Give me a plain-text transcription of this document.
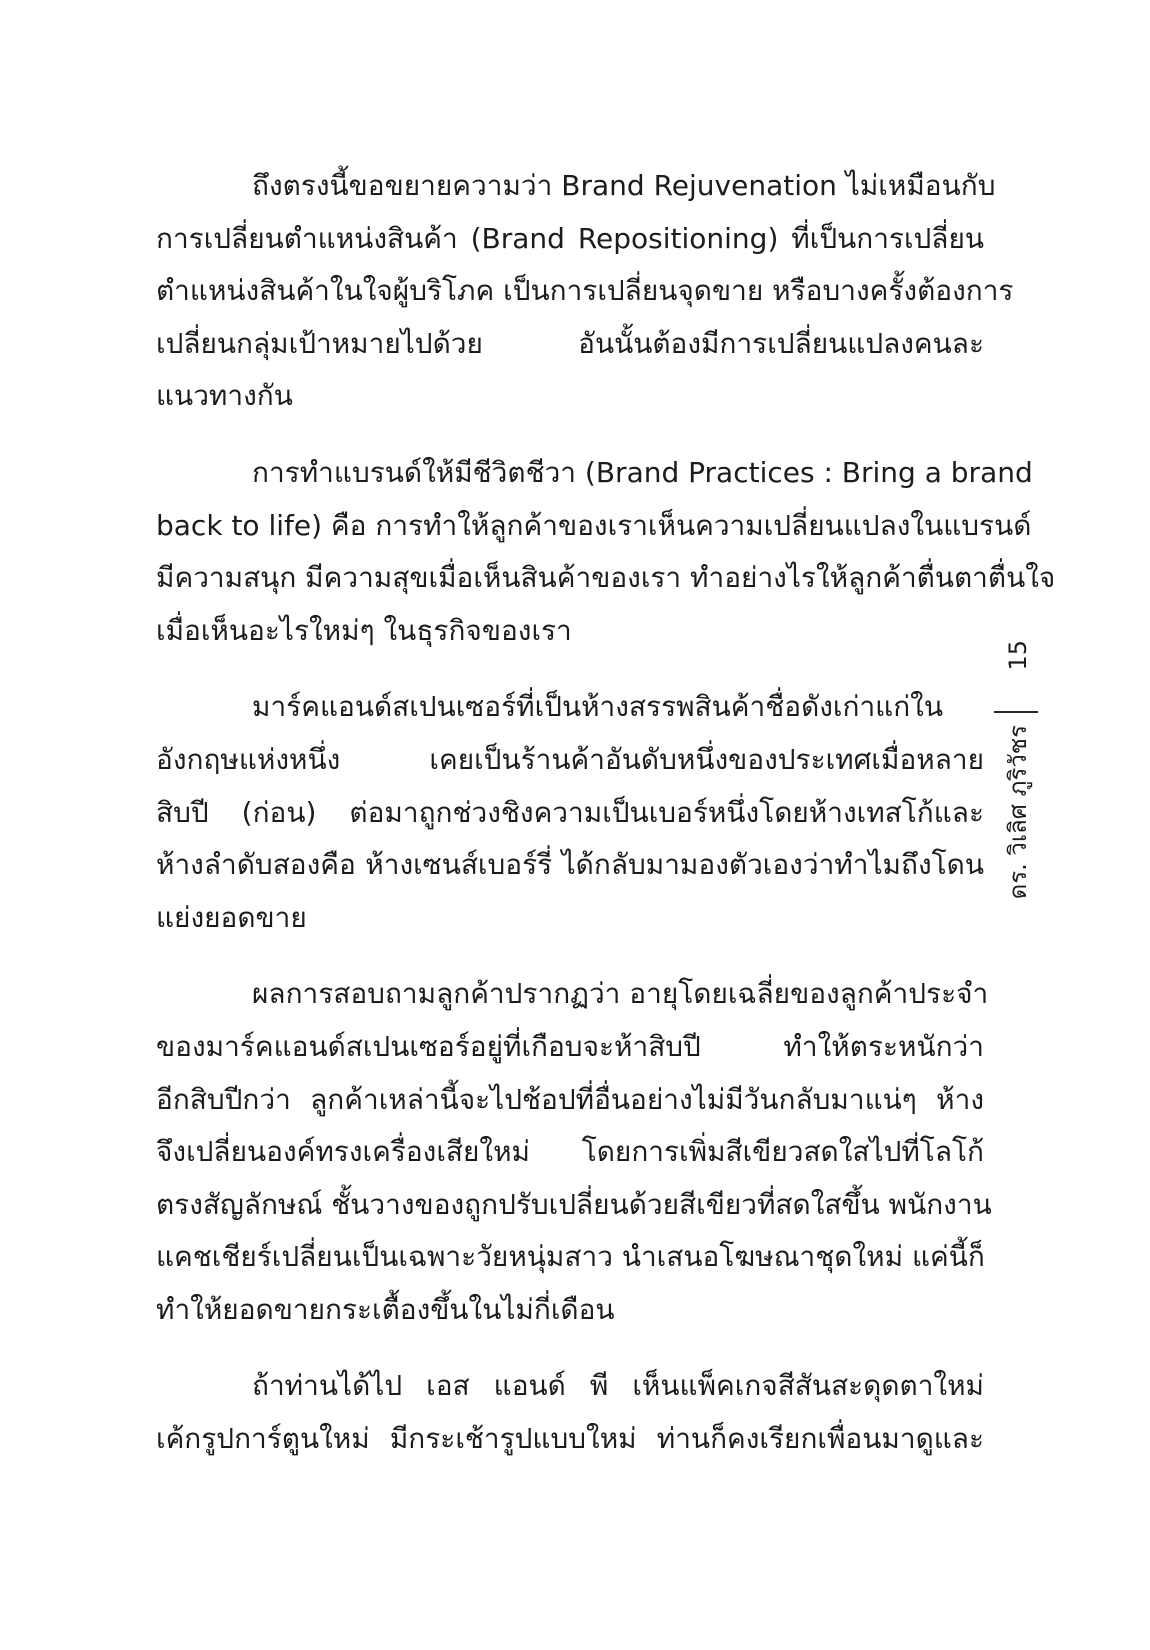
ถึงตรงนี้ขอขยายความว่า Brand Rejuvenation ไม่เหมือนกับ
การเปลี่ยนตำแหน่งสินค้า (Brand Repositioning) ที่เป็นการเปลี่ยน
ตำแหน่งสินค้าในใจผู้บริโภค เป็นการเปลี่ยนจุดขาย หรือบางครั้งต้องการ
เปลี่ยนกลุ่มเป้าหมายไปด้วย อันนั้นต้องมีการเปลี่ยนแปลงคนละ
แนวทางกัน
การทำแบรนด์ให้มีชีวิตชีวา (Brand Practices : Bring a brand
back to life) คือ การทำให้ลูกค้าของเราเห็นความเปลี่ยนแปลงในแบรนด์
มีความสนุก มีความสุขเมื่อเห็นสินค้าของเรา ทำอย่างไรให้ลูกค้าตื่นตาตื่นใจ
เมื่อเห็นอะไรใหม่ๆ ในธุรกิจของเรา
มาร์คแอนด์สเปนเซอร์ที่เป็นห้างสรรพสินค้าชื่อดังเก่าแก่ใน
อังกฤษแห่งหนึ่ง เคยเป็นร้านค้าอันดับหนึ่งของประเทศเมื่อหลาย
สิบปี (ก่อน) ต่อมาถูกช่วงชิงความเป็นเบอร์หนึ่งโดยห้างเทสโก้และ
ห้างลำดับสองคือ ห้างเซนส์เบอร์รี่ ได้กลับมามองตัวเองว่าทำไมถึงโดน
แย่งยอดขาย
ผลการสอบถามลูกค้าปรากฏว่า อายุโดยเฉลี่ยของลูกค้าประจำ
ของมาร์คแอนด์สเปนเซอร์อยู่ที่เกือบจะห้าสิบปี ทำให้ตระหนักว่า
อีกสิบปีกว่า ลูกค้าเหล่านี้จะไปช้อปที่อื่นอย่างไม่มีวันกลับมาแน่ๆ ห้าง
จึงเปลี่ยนองค์ทรงเครื่องเสียใหม่ โดยการเพิ่มสีเขียวสดใสไปที่โลโก้
ตรงสัญลักษณ์ ชั้นวางของถูกปรับเปลี่ยนด้วยสีเขียวที่สดใสขึ้น พนักงาน
แคชเชียร์เปลี่ยนเป็นเฉพาะวัยหนุ่มสาว นำเสนอโฆษณาชุดใหม่ แค่นี้ก็
ทำให้ยอดขายกระเตื้องขึ้นในไม่กี่เดือน
ถ้าท่านได้ไป เอส แอนด์ พี เห็นแพ็คเกจสีสันสะดุดตาใหม่
เค้กรูปการ์ตูนใหม่ มีกระเช้ารูปแบบใหม่ ท่านก็คงเรียกเพื่อนมาดูและ
15
ดร. วิเลิศ ภูริวัชร
